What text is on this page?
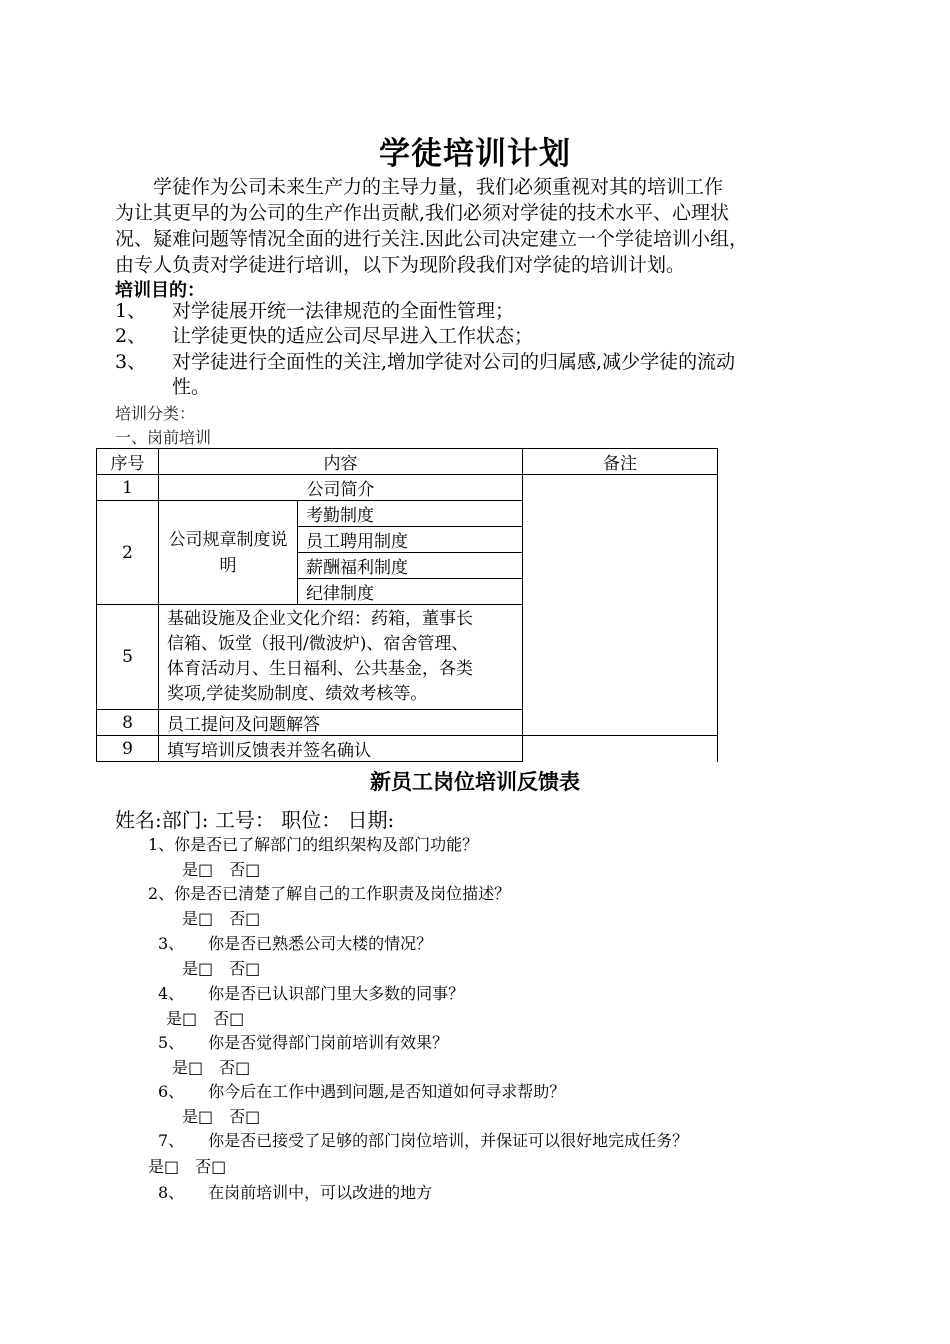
学徒培训计划
　　学徒作为公司未来生产力的主导力量，我们必须重视对其的培训工作
为让其更早的为公司的生产作出贡献,我们必须对学徒的技术水平、心理状
况、疑难问题等情况全面的进行关注.因此公司决定建立一个学徒培训小组，
由专人负责对学徒进行培训，以下为现阶段我们对学徒的培训计划。
培训目的：
1、 对学徒展开统一法律规范的全面性管理；
2、 让学徒更快的适应公司尽早进入工作状态；
3、 对学徒进行全面性的关注,增加学徒对公司的归属感,减少学徒的流动
性。
培训分类：
一、岗前培训
序号	内容		备注	
1	公司简介			
2	公司规章制度说明	考勤制度		
		员工聘用制度		
		薪酬福利制度		
		纪律制度		
5	基础设施及企业文化介绍：药箱，董事长
信箱、饭堂（报刊/微波炉)、宿舍管理、
体育活动月、生日福利、公共基金，各类
奖项,学徒奖励制度、绩效考核等。			

8	员工提问及问题解答			
9	填写培训反馈表并签名确认			
新员工岗位培训反馈表
姓名:部门: 工号： 职位： 日期:
1、你是否已了解部门的组织架构及部门功能？
是□　否□
2、你是否已清楚了解自己的工作职责及岗位描述？
是□　否□
3、　　你是否已熟悉公司大楼的情况？
是□　否□
4、　　你是否已认识部门里大多数的同事？
是□　否□
5、　　你是否觉得部门岗前培训有效果？
是□　否□
6、　　你今后在工作中遇到问题,是否知道如何寻求帮助？
是□　否□
7、　　你是否已接受了足够的部门岗位培训，并保证可以很好地完成任务？
是□　否□
8、　　在岗前培训中，可以改进的地方
